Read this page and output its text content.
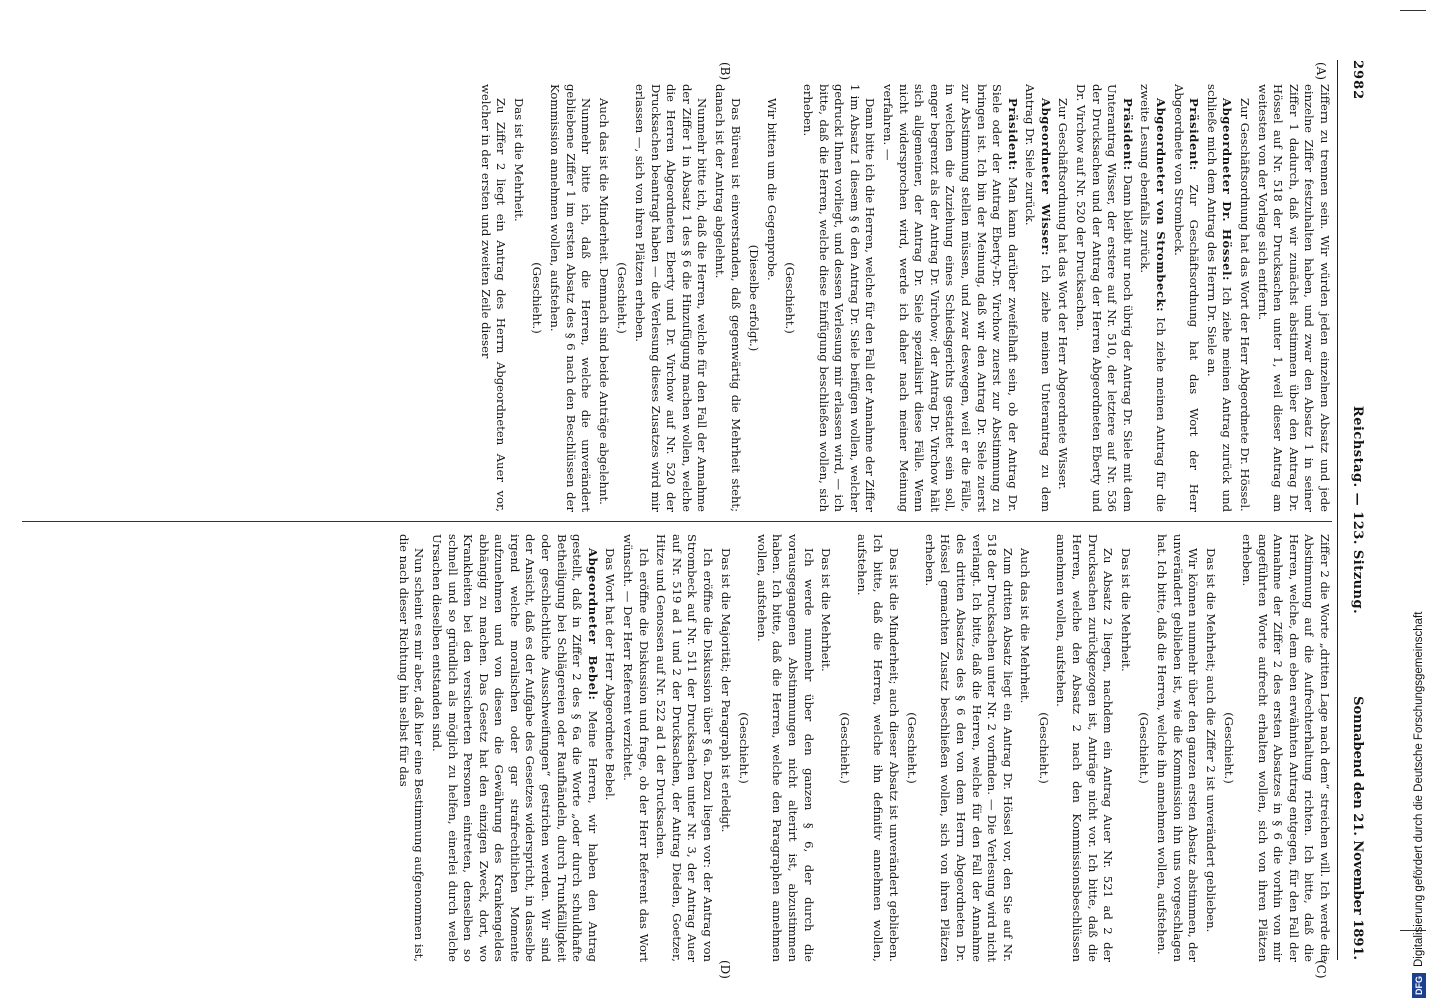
2982
Reichstag. — 123. Sitzung.
Sonnabend den 21. November 1891.
(A)
(B)
(C)
(D)

Ziffern zu trennen sein. Wir würden jeden einzelnen Absatz und jede einzelne Ziffer festzuhalten haben, und zwar den Absatz 1 in seiner Ziffer 1 dadurch, daß wir zunächst abstimmen über den Antrag Dr. Hössel auf Nr. 518 der Drucksachen unter 1, weil dieser Antrag am weitesten von der Vorlage sich entfernt.

Zur Geschäftsordnung hat das Wort der Herr Abgeordnete Dr. Hössel.

Abgeordneter Dr. Hössel: Ich ziehe meinen Antrag zurück und schließe mich dem Antrag des Herrn Dr. Siele an.

Präsident: Zur Geschäftsordnung hat das Wort der Herr Abgeordnete von Strombeck.

Abgeordneter von Strombeck: Ich ziehe meinen Antrag für die zweite Lesung ebenfalls zurück.

Präsident: Dann bleibt nur noch übrig der Antrag Dr. Siele mit dem Unterantrag Wisser, der erstere auf Nr. 510, der letztere auf Nr. 536 der Drucksachen und der Antrag der Herren Abgeordneten Eberty und Dr. Virchow auf Nr. 520 der Drucksachen.

Zur Geschäftsordnung hat das Wort der Herr Abgeordnete Wisser.

Abgeordneter Wisser: Ich ziehe meinen Unterantrag zu dem Antrag Dr. Siele zurück.

Präsident: Man kann darüber zweifelhaft sein, ob der Antrag Dr. Siele oder der Antrag Eberty-Dr. Virchow zuerst zur Abstimmung zu bringen ist. Ich bin der Meinung, daß wir den Antrag Dr. Siele zuerst zur Abstimmung stellen müssen, und zwar deswegen, weil er die Fälle, in welchen die Zuziehung eines Schiedsgerichts gestattet sein soll, enger begrenzt als der Antrag Dr. Virchow; der Antrag Dr. Virchow hält sich allgemeiner, der Antrag Dr. Siele spezialisirt diese Fälle. Wenn nicht widersprochen wird, werde ich daher nach meiner Meinung verfahren. —

Dann bitte ich die Herren, welche für den Fall der Annahme der Ziffer 1 im Absatz 1 diesem § 6 den Antrag Dr. Siele beifügen wollen, welcher gedruckt Ihnen vorliegt, und dessen Verlesung mir erlassen wird, — ich bitte, daß die Herren, welche diese Einfügung beschließen wollen, sich erheben.

(Geschieht.)

Wir bitten um die Gegenprobe.

(Dieselbe erfolgt.)

Das Büreau ist einverstanden, daß gegenwärtig die Mehrheit steht; danach ist der Antrag abgelehnt.

Nunmehr bitte ich, daß die Herren, welche für den Fall der Annahme der Ziffer 1 in Absatz 1 des § 6 die Hinzufügung machen wollen, welche die Herren Abgeordneten Eberty und Dr. Virchow auf Nr. 520 der Drucksachen beantragt haben — die Verlesung dieses Zusatzes wird mir erlassen —, sich von ihren Plätzen erheben.

(Geschieht.)

Auch das ist die Minderheit. Demnach sind beide Anträge abgelehnt.

Nunmehr bitte ich, daß die Herren, welche die unverändert gebliebene Ziffer 1 im ersten Absatz des § 6 nach den Beschlüssen der Kommission annehmen wollen, aufstehen.

(Geschieht.)

Das ist die Mehrheit.

Zu Ziffer 2 liegt ein Antrag des Herrn Abgeordneten Auer vor, welcher in der ersten und zweiten Zeile dieser

Ziffer 2 die Worte „dritten Lage nach dem“ streichen will. Ich werde die Abstimmung auf die Aufrechterhaltung richten. Ich bitte, daß die Herren, welche, dem eben erwähnten Antrag entgegen, für den Fall der Annahme der Ziffer 2 des ersten Absatzes in § 6 die vorhin von mir angeführten Worte aufrecht erhalten wollen, sich von ihren Plätzen erheben.

(Geschieht.)

Das ist die Mehrheit; auch die Ziffer 2 ist unverändert geblieben.

Wir können nunmehr über den ganzen ersten Absatz abstimmen, der unverändert geblieben ist, wie die Kommission ihn uns vorgeschlagen hat. Ich bitte, daß die Herren, welche ihn annehmen wollen, aufstehen.

(Geschieht.)

Das ist die Mehrheit.

Zu Absatz 2 liegen, nachdem ein Antrag Auer Nr. 521 ad 2 der Drucksachen zurückgezogen ist, Anträge nicht vor. Ich bitte, daß die Herren, welche den Absatz 2 nach den Kommissionsbeschlüssen annehmen wollen, aufstehen.

(Geschieht.)

Auch das ist die Mehrheit.

Zum dritten Absatz liegt ein Antrag Dr. Hössel vor, den Sie auf Nr. 518 der Drucksachen unter Nr. 2 vorfinden. — Die Verlesung wird nicht verlangt. Ich bitte, daß die Herren, welche für den Fall der Annahme des dritten Absatzes des § 6 den von dem Herrn Abgeordneten Dr. Hössel gemachten Zusatz beschließen wollen, sich von ihren Plätzen erheben.

(Geschieht.)

Das ist die Minderheit; auch dieser Absatz ist unverändert geblieben. Ich bitte, daß die Herren, welche ihn definitiv annehmen wollen, aufstehen.

(Geschieht.)

Das ist die Mehrheit.

Ich werde nunmehr über den ganzen § 6, der durch die vorausgegangenen Abstimmungen nicht alterirt ist, abzustimmen haben. Ich bitte, daß die Herren, welche den Paragraphen annehmen wollen, aufstehen.

(Geschieht.)

Das ist die Majorität; der Paragraph ist erledigt.

Ich eröffne die Diskussion über § 6a. Dazu liegen vor: der Antrag von Strombeck auf Nr. 511 der Drucksachen unter Nr. 3, der Antrag Auer auf Nr. 519 ad 1 und 2 der Drucksachen, der Antrag Dieden, Goetzer, Hitze und Genossen auf Nr. 522 ad 1 der Drucksachen.

Ich eröffne die Diskussion und frage, ob der Herr Referent das Wort wünscht. — Der Herr Referent verzichtet.

Das Wort hat der Herr Abgeordnete Bebel.

Abgeordneter Bebel: Meine Herren, wir haben den Antrag gestellt, daß in Ziffer 2 des § 6a die Worte „oder durch schuldhafte Betheiligung bei Schlägereien oder Raufhändeln, durch Trunkfälligkeit oder geschlechtliche Ausschweifungen“ gestrichen werden. Wir sind der Ansicht, daß es der Aufgabe des Gesetzes widerspricht, in dasselbe irgend welche moralischen oder gar strafrechtlichen Momente aufzunehmen und von diesen die Gewährung des Krankengeldes abhängig zu machen. Das Gesetz hat den einzigen Zweck, dort, wo Krankheiten bei den versicherten Personen eintreten, denselben so schnell und so gründlich als möglich zu helfen, einerlei durch welche Ursachen dieselben entstanden sind.

Nun scheint es mir aber, daß hier eine Bestimmung aufgenommen ist, die nach dieser Richtung hin selbst für das

DFGDigitalisierung gefördert durch die Deutsche Forschungsgemeinschaft
